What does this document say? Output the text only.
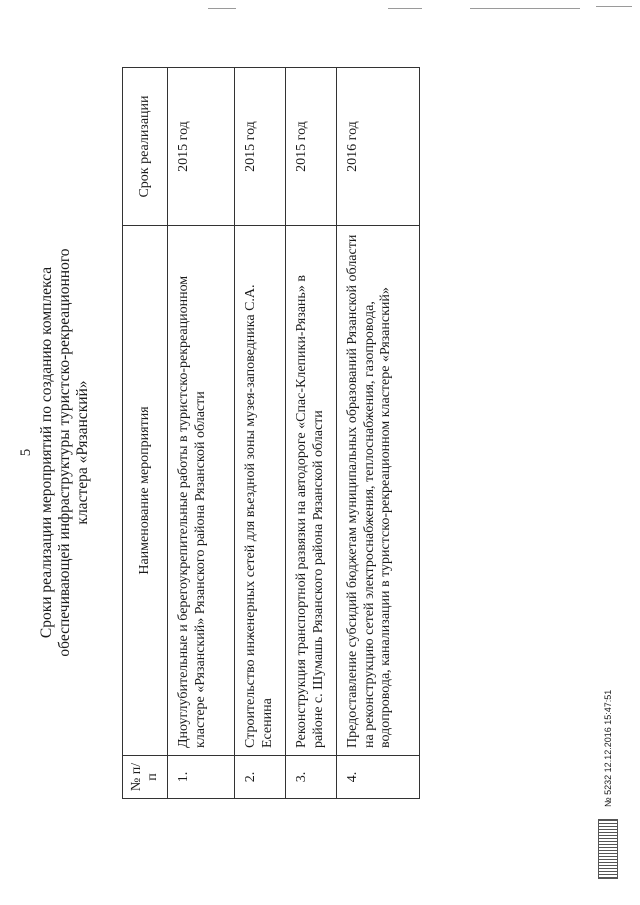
5 Сроки реализации мероприятий по созданию комплекса обеспечивающей инфраструктуры туристско-рекреационного кластера «Рязанский»
№ п/п	Наименование мероприятия	Срок реализации
1.	Дноуглубительные и берегоукрепительные работы в туристско-рекреационном кластере «Рязанский» Рязанского района Рязанской области	2015 год
2.	Строительство инженерных сетей для въездной зоны музея-заповедника С.А. Есенина	2015 год
3.	Реконструкция транспортной развязки на автодороге «Спас-Клепики-Рязань» в районе с. Шумашь Рязанского района Рязанской области	2015 год
4.	Предоставление субсидий бюджетам муниципальных образований Рязанской области на реконструкцию сетей электроснабжения, теплоснабжения, газопровода, водопровода, канализации в туристско-рекреационном кластере «Рязанский»	2016 год
№ 5232 12.12.2016 15:47:51
